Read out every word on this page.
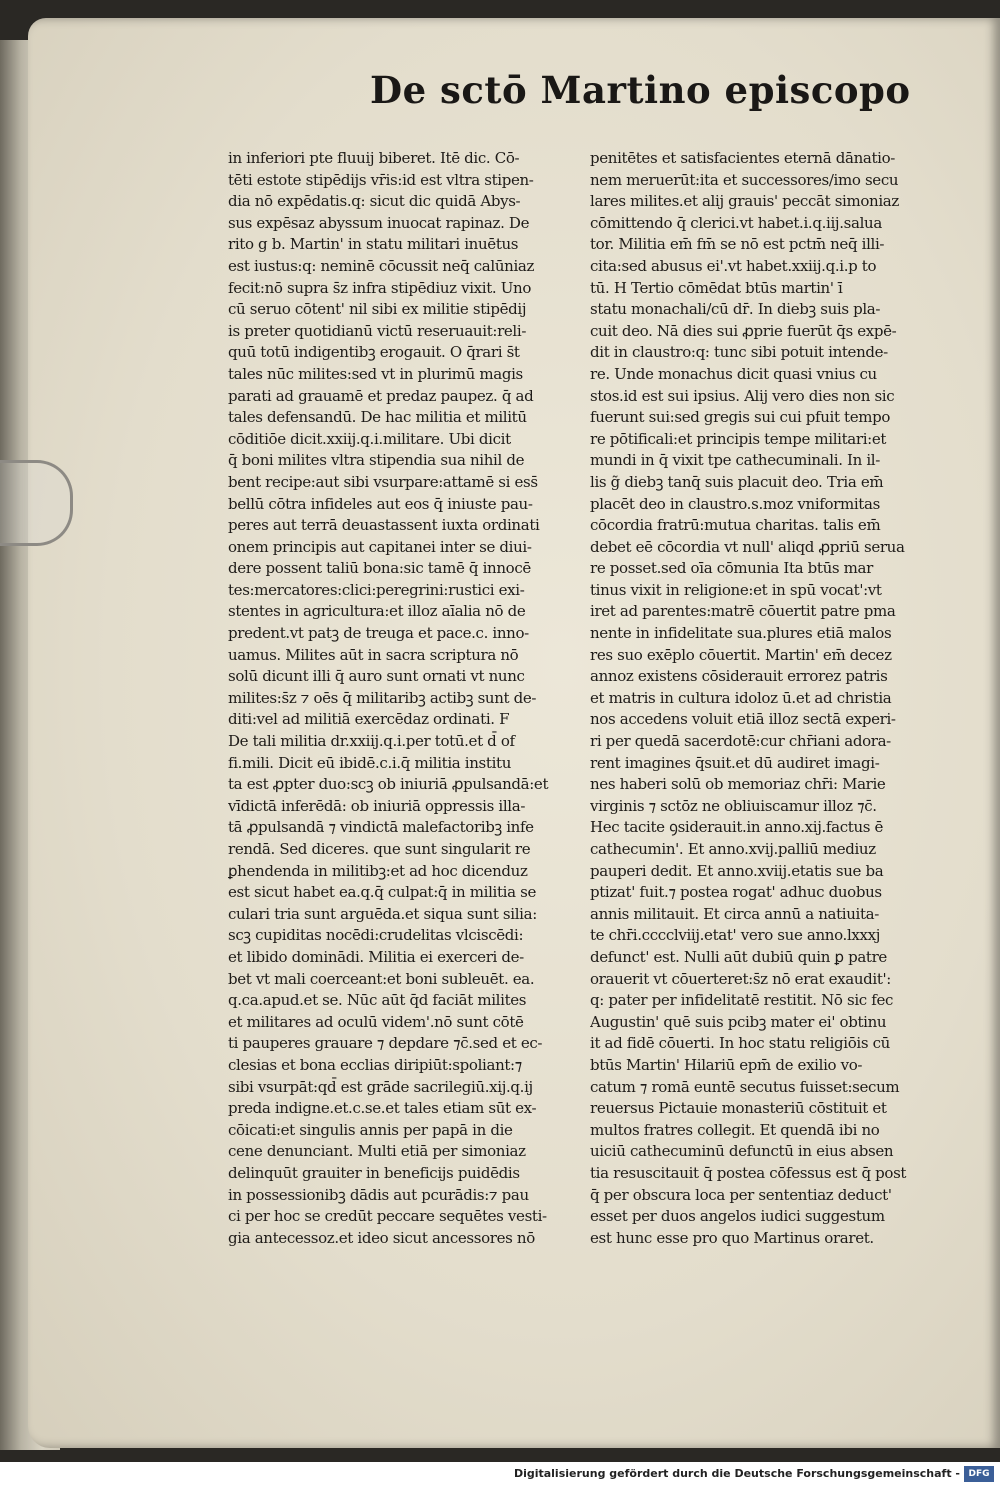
De sctō Martino episcopo
in inferiori pte fluuij biberet. Itē dic. Cō-
tēti estote stipēdijs vr̄is:id est vltra stipen-
dia nō expēdatis.q: sicut dic quidā Abys-
sus expēsaz abyssum inuocat rapinaz. De
rito g b. Martin' in statu militari inuētus
est iustus:q: neminē cōcussit neq̄ calūniaz
fecit:nō supra s̄z infra stipēdiuz vixit. Uno
cū seruo cōtent' nil sibi ex militie stipēdij
is preter quotidianū victū reseruauit:reli-
quū totū indigentibꝫ erogauit. O q̄rari s̄t
tales nūc milites:sed vt in plurimū magis
parati ad grauamē et predaz paupez. q̄ ad
tales defensandū. De hac militia et militū
cōditiōe dicit.xxiij.q.i.militare. Ubi dicit
q̄ boni milites vltra stipendia sua nihil de
bent recipe:aut sibi vsurpare:attamē si ess̄
bellū cōtra infideles aut eos q̄ iniuste pau-
peres aut terrā deuastassent iuxta ordinati
onem principis aut capitanei inter se diui-
dere possent taliū bona:sic tamē q̄ innocē
tes:mercatores:clici:peregrini:rustici exi-
stentes in agricultura:et illoz aīalia nō de
predent.vt patꝫ de treuga et pace.c. inno-
uamus. Milites aūt in sacra scriptura nō
solū dicunt illi q̄ auro sunt ornati vt nunc
milites:s̄z ⁊ oēs q̄ militaribꝫ actibꝫ sunt de-
diti:vel ad militiā exercēdaz ordinati. F
De tali militia dr.xxiij.q.i.per totū.et d̄ of
fi.mili. Dicit eū ibidē.c.i.q̄ militia institu
ta est ꝓpter duo:scꝫ ob iniuriā ꝓpulsandā:et
vīdictā inferēdā: ob iniuriā oppressis illa-
tā ꝓpulsandā ⁊ vindictā malefactoribꝫ infe
rendā. Sed diceres. que sunt singularit re
ꝑhendenda in militibꝫ:et ad hoc dicenduz
est sicut habet ea.q.q̄ culpat:q̄ in militia se
culari tria sunt arguēda.et siqua sunt silia:
scꝫ cupiditas nocēdi:crudelitas vlciscēdi:
et libido dominādi. Militia ei exerceri de-
bet vt mali coerceant:et boni subleuēt. ea.
q.ca.apud.et se. Nūc aūt q̄d faciāt milites
et militares ad oculū videm'.nō sunt cōtē
ti pauperes grauare ⁊ depdare ⁊c̄.sed et ec-
clesias et bona ecclias diripiūt:spoliant:⁊
sibi vsurpāt:qd̄ est grāde sacrilegiū.xij.q.ij
preda indigne.et.c.se.et tales etiam sūt ex-
cōicati:et singulis annis per papā in die
cene denunciant. Multi etiā per simoniaz
delinquūt grauiter in beneficijs puidēdis
in possessionibꝫ dādis aut pcurādis:⁊ pau
ci per hoc se credūt peccare sequētes vesti-
gia antecessoz.et ideo sicut ancessores nō
penitētes et satisfacientes eternā dānatio-
nem meruerūt:ita et successores/imo secu
lares milites.et alij grauis' peccāt simoniaz
cōmittendo q̄ clerici.vt habet.i.q.iij.salua
tor. Militia em̄ fm̄ se nō est pctm̄ neq̄ illi-
cita:sed abusus ei'.vt habet.xxiij.q.i.p to
tū. H Tertio cōmēdat btūs martin' ī
statu monachali/cū dr̄. In diebꝫ suis pla-
cuit deo. Nā dies sui ꝓprie fuerūt q̄s expē-
dit in claustro:q: tunc sibi potuit intende-
re. Unde monachus dicit quasi vnius cu
stos.id est sui ipsius. Alij vero dies non sic
fuerunt sui:sed gregis sui cui pfuit tempo
re pōtificali:et principis tempe militari:et
mundi in q̄ vixit tpe cathecuminali. In il-
lis g̃ diebꝫ tanq̄ suis placuit deo. Tria em̄
placēt deo in claustro.s.moz vniformitas
cōcordia fratrū:mutua charitas. talis em̄
debet eē cōcordia vt null' aliqd ꝓpriū serua
re posset.sed oīa cōmunia Ita btūs mar
tinus vixit in religione:et in spū vocat':vt
iret ad parentes:matrē cōuertit patre pma
nente in infidelitate sua.plures etiā malos
res suo exēplo cōuertit. Martin' em̄ decez
annoz existens cōsiderauit errorez patris
et matris in cultura idoloz ū.et ad christia
nos accedens voluit etiā illoz sectā experi-
ri per quedā sacerdotē:cur chr̄iani adora-
rent imagines q̄suit.et dū audiret imagi-
nes haberi solū ob memoriaz chr̄i: Marie
virginis ⁊ sctōz ne obliuiscamur illoz ⁊c̄.
Hec tacite ꝯsiderauit.in anno.xij.factus ē
cathecumin'. Et anno.xvij.palliū mediuz
pauperi dedit. Et anno.xviij.etatis sue ba
ptizat' fuit.⁊ postea rogat' adhuc duobus
annis militauit. Et circa annū a natiuita-
te chr̄i.cccclviij.etat' vero sue anno.lxxxj
defunct' est. Nulli aūt dubiū quin ꝑ patre
orauerit vt cōuerteret:s̄z nō erat exaudit':
q: pater per infidelitatē restitit. Nō sic fec
Augustin' quē suis pcibꝫ mater ei' obtinu
it ad fidē cōuerti. In hoc statu religiōis cū
btūs Martin' Hilariū epm̄ de exilio vo-
catum ⁊ romā euntē secutus fuisset:secum
reuersus Pictauie monasteriū cōstituit et
multos fratres collegit. Et quendā ibi no
uiciū cathecuminū defunctū in eius absen
tia resuscitauit q̄ postea cōfessus est q̄ post
q̄ per obscura loca per sententiaz deduct'
esset per duos angelos iudici suggestum
est hunc esse pro quo Martinus oraret.
Digitalisierung gefördert durch die Deutsche Forschungsgemeinschaft - DFG
